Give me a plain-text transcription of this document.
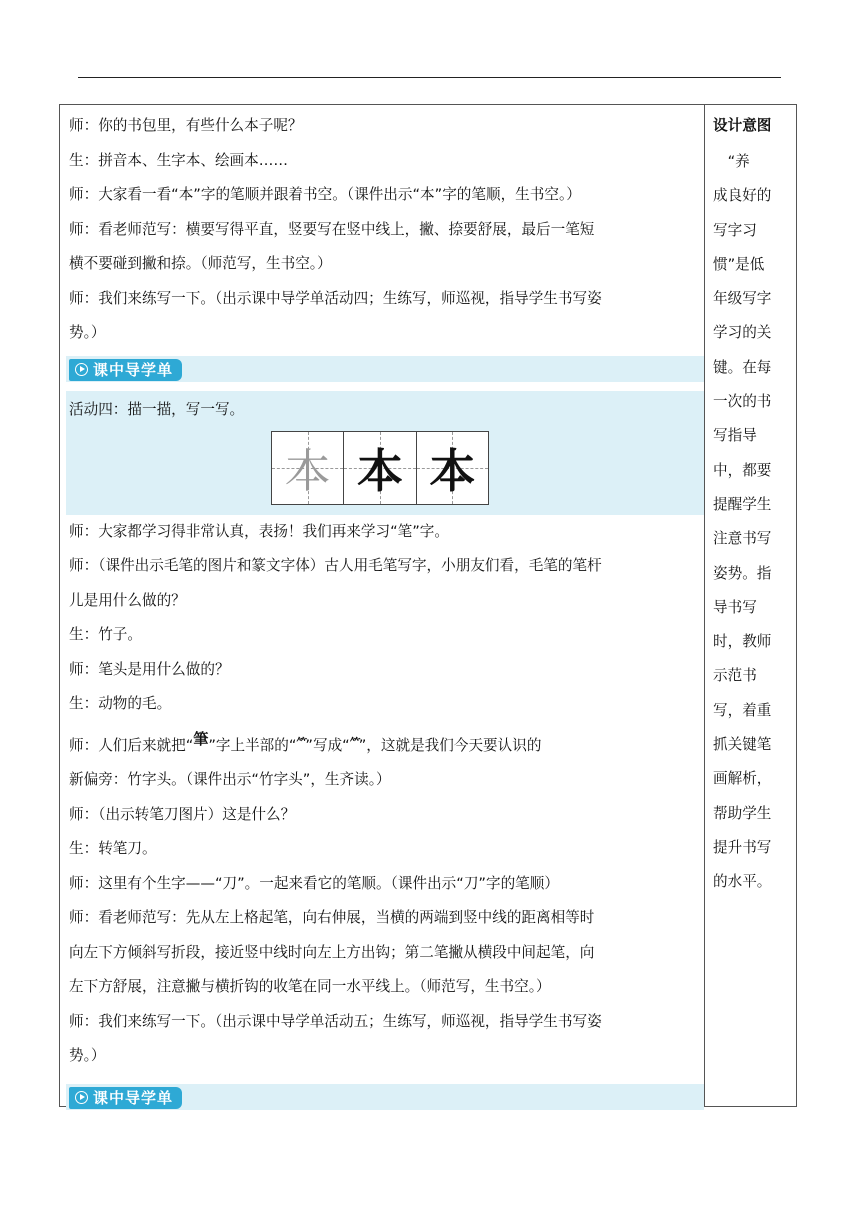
师：你的书包里，有些什么本子呢？

生：拼音本、生字本、绘画本……

师：大家看一看“本”字的笔顺并跟着书空。（课件出示“本”字的笔顺，生书空。）

师：看老师范写：横要写得平直，竖要写在竖中线上，撇、捺要舒展，最后一笔短

横不要碰到撇和捺。（师范写，生书空。）

师：我们来练写一下。（出示课中导学单活动四；生练写，师巡视，指导学生书写姿

势。）

课中导学单

活动四：描一描，写一写。

本 本 本

师：大家都学习得非常认真，表扬！我们再来学习“笔”字。

师：（课件出示毛笔的图片和篆文字体）古人用毛笔写字，小朋友们看，毛笔的笔杆

儿是用什么做的？

生：竹子。

师：笔头是用什么做的？

生：动物的毛。

师：人们后来就把“筆”字上半部的“⺮”写成“⺮”，这就是我们今天要认识的

新偏旁：竹字头。（课件出示“竹字头”，生齐读。）

师：（出示转笔刀图片）这是什么？

生：转笔刀。

师：这里有个生字——“刀”。一起来看它的笔顺。（课件出示“刀”字的笔顺）

师：看老师范写：先从左上格起笔，向右伸展，当横的两端到竖中线的距离相等时

向左下方倾斜写折段，接近竖中线时向左上方出钩；第二笔撇从横段中间起笔，向

左下方舒展，注意撇与横折钩的收笔在同一水平线上。（师范写，生书空。）

师：我们来练写一下。（出示课中导学单活动五；生练写，师巡视，指导学生书写姿

势。）

课中导学单

设计意图

　“养

成良好的

写字习

惯”是低

年级写字

学习的关

键。在每

一次的书

写指导

中，都要

提醒学生

注意书写

姿势。指

导书写

时，教师

示范书

写，着重

抓关键笔

画解析，

帮助学生

提升书写

的水平。
